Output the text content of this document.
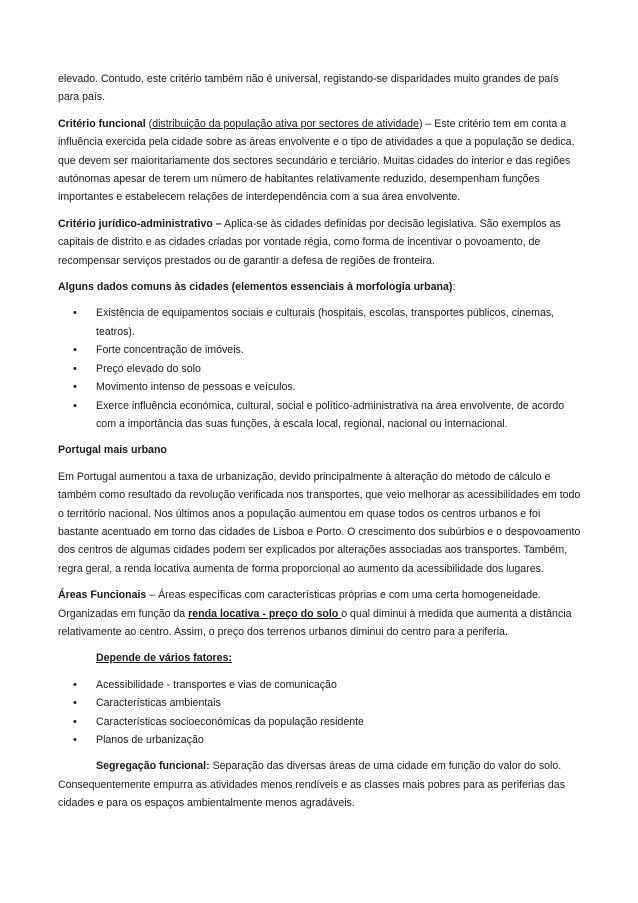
elevado. Contudo, este critério também não é universal, registando-se disparidades muito grandes de país para país.

Critério funcional (distribuição da população ativa por sectores de atividade) – Este critério tem em conta a influência exercida pela cidade sobre as áreas envolvente e o tipo de atividades a que a população se dedica, que devem ser maioritariamente dos sectores secundário e terciário. Muitas cidades do interior e das regiões autónomas apesar de terem um número de habitantes relativamente reduzido, desempenham funções importantes e estabelecem relações de interdependência com a sua área envolvente.

Critério jurídico-administrativo – Aplica-se às cidades definidas por decisão legislativa. São exemplos as capitais de distrito e as cidades criadas por vontade régia, como forma de incentivar o povoamento, de recompensar serviços prestados ou de garantir a defesa de regiões de fronteira.

Alguns dados comuns às cidades (elementos essenciais à morfologia urbana):

• Existência de equipamentos sociais e culturais (hospitais, escolas, transportes públicos, cinemas, teatros).
• Forte concentração de imóveis.
• Preço elevado do solo
• Movimento intenso de pessoas e veículos.
• Exerce influência económica, cultural, social e político-administrativa na área envolvente, de acordo com a importância das suas funções, à escala local, regional, nacional ou internacional.

Portugal mais urbano

Em Portugal aumentou a taxa de urbanização, devido principalmente à alteração do método de cálculo e também como resultado da revolução verificada nos transportes, que veio melhorar as acessibilidades em todo o território nacional. Nos últimos anos a população aumentou em quase todos os centros urbanos e foi bastante acentuado em torno das cidades de Lisboa e Porto. O crescimento dos subúrbios e o despovoamento dos centros de algumas cidades podem ser explicados por alterações associadas aos transportes. Também, regra geral, a renda locativa aumenta de forma proporcional ao aumento da acessibilidade dos lugares.

Áreas Funcionais – Áreas específicas com características próprias e com uma certa homogeneidade. Organizadas em função da renda locativa - preço do solo o qual diminui à medida que aumenta a distância relativamente ao centro. Assim, o preço dos terrenos urbanos diminui do centro para a periferia.

Depende de vários fatores:

• Acessibilidade - transportes e vias de comunicação
• Características ambientais
• Características socioeconómicas da população residente
• Planos de urbanização

Segregação funcional: Separação das diversas áreas de uma cidade em função do valor do solo. Consequentemente empurra as atividades menos rendíveis e as classes mais pobres para as periferias das cidades e para os espaços ambientalmente menos agradáveis.
